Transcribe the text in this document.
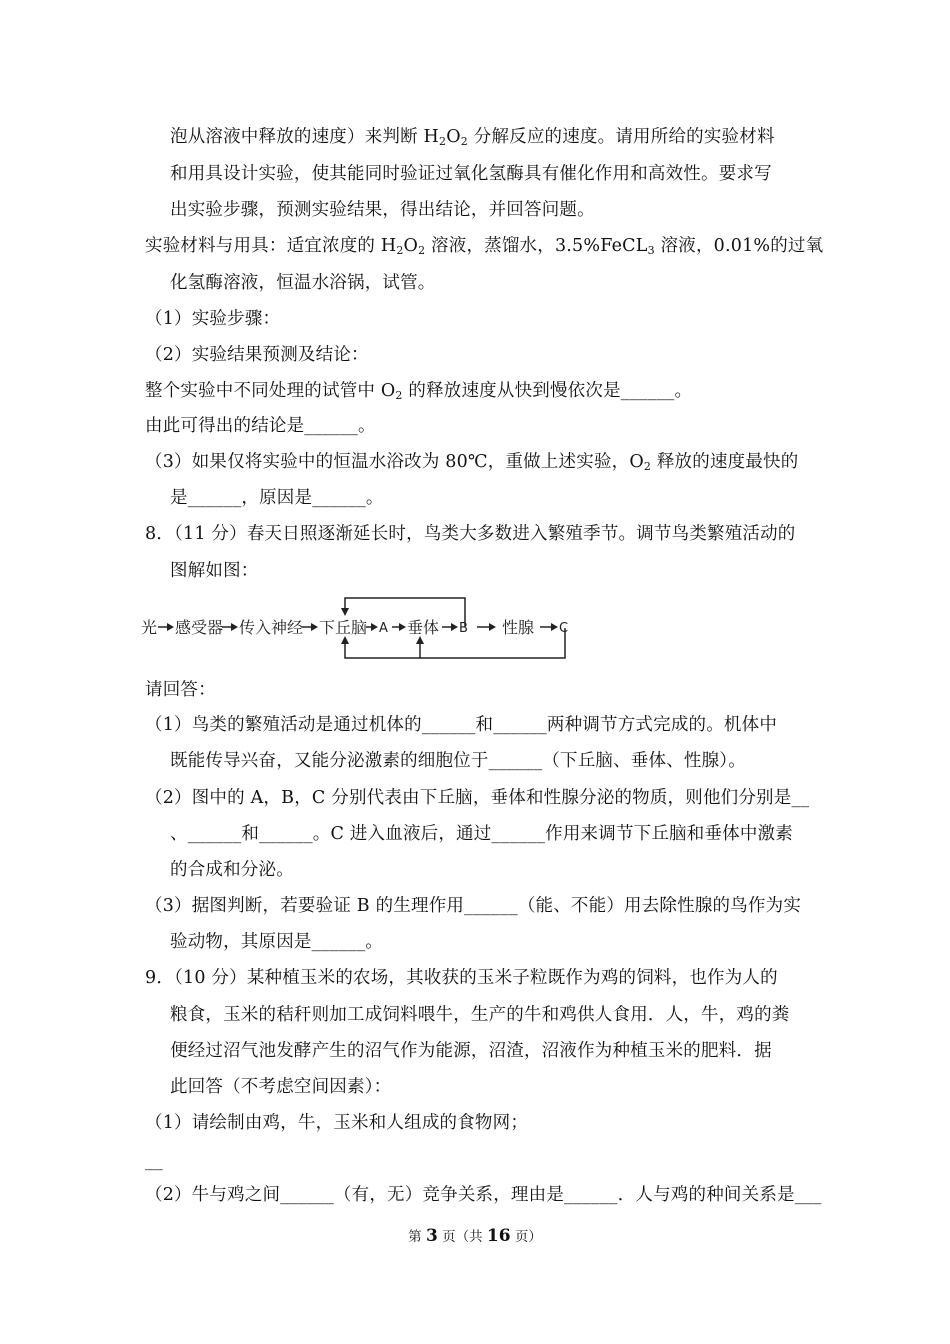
泡从溶液中释放的速度）来判断 $H_2O_2$ 分解反应的速度。请用所给的实验材料
和用具设计实验，使其能同时验证过氧化氢酶具有催化作用和高效性。要求写
出实验步骤，预测实验结果，得出结论，并回答问题。
实验材料与用具：适宜浓度的 $H_2O_2$ 溶液，蒸馏水，3.5%FeCL$_3$ 溶液，0.01%的过氧
化氢酶溶液，恒温水浴锅，试管。
（1）实验步骤：
（2）实验结果预测及结论：
整个实验中不同处理的试管中 $O_2$ 的释放速度从快到慢依次是______。
由此可得出的结论是______。
（3）如果仅将实验中的恒温水浴改为 80℃，重做上述实验，$O_2$ 释放的速度最快的
是______，原因是______。
8．（11 分）春天日照逐渐延长时，鸟类大多数进入繁殖季节。调节鸟类繁殖活动的
图解如图：
光 感受器 传入神经 下丘脑 A 垂体 B 性腺 C
请回答：
（1）鸟类的繁殖活动是通过机体的______和______两种调节方式完成的。机体中
既能传导兴奋，又能分泌激素的细胞位于______（下丘脑、垂体、性腺）。
（2）图中的 A，B，C 分别代表由下丘脑，垂体和性腺分泌的物质，则他们分别是__
、______和______。C 进入血液后，通过______作用来调节下丘脑和垂体中激素
的合成和分泌。
（3）据图判断，若要验证 B 的生理作用______（能、不能）用去除性腺的鸟作为实
验动物，其原因是______。
9．（10 分）某种植玉米的农场，其收获的玉米子粒既作为鸡的饲料，也作为人的
粮食，玉米的秸秆则加工成饲料喂牛，生产的牛和鸡供人食用．人，牛，鸡的粪
便经过沼气池发酵产生的沼气作为能源，沼渣，沼液作为种植玉米的肥料．据
此回答（不考虑空间因素）：
（1）请绘制由鸡，牛，玉米和人组成的食物网；
__
（2）牛与鸡之间______（有，无）竞争关系，理由是______．人与鸡的种间关系是___
第 3 页（共 16 页）
